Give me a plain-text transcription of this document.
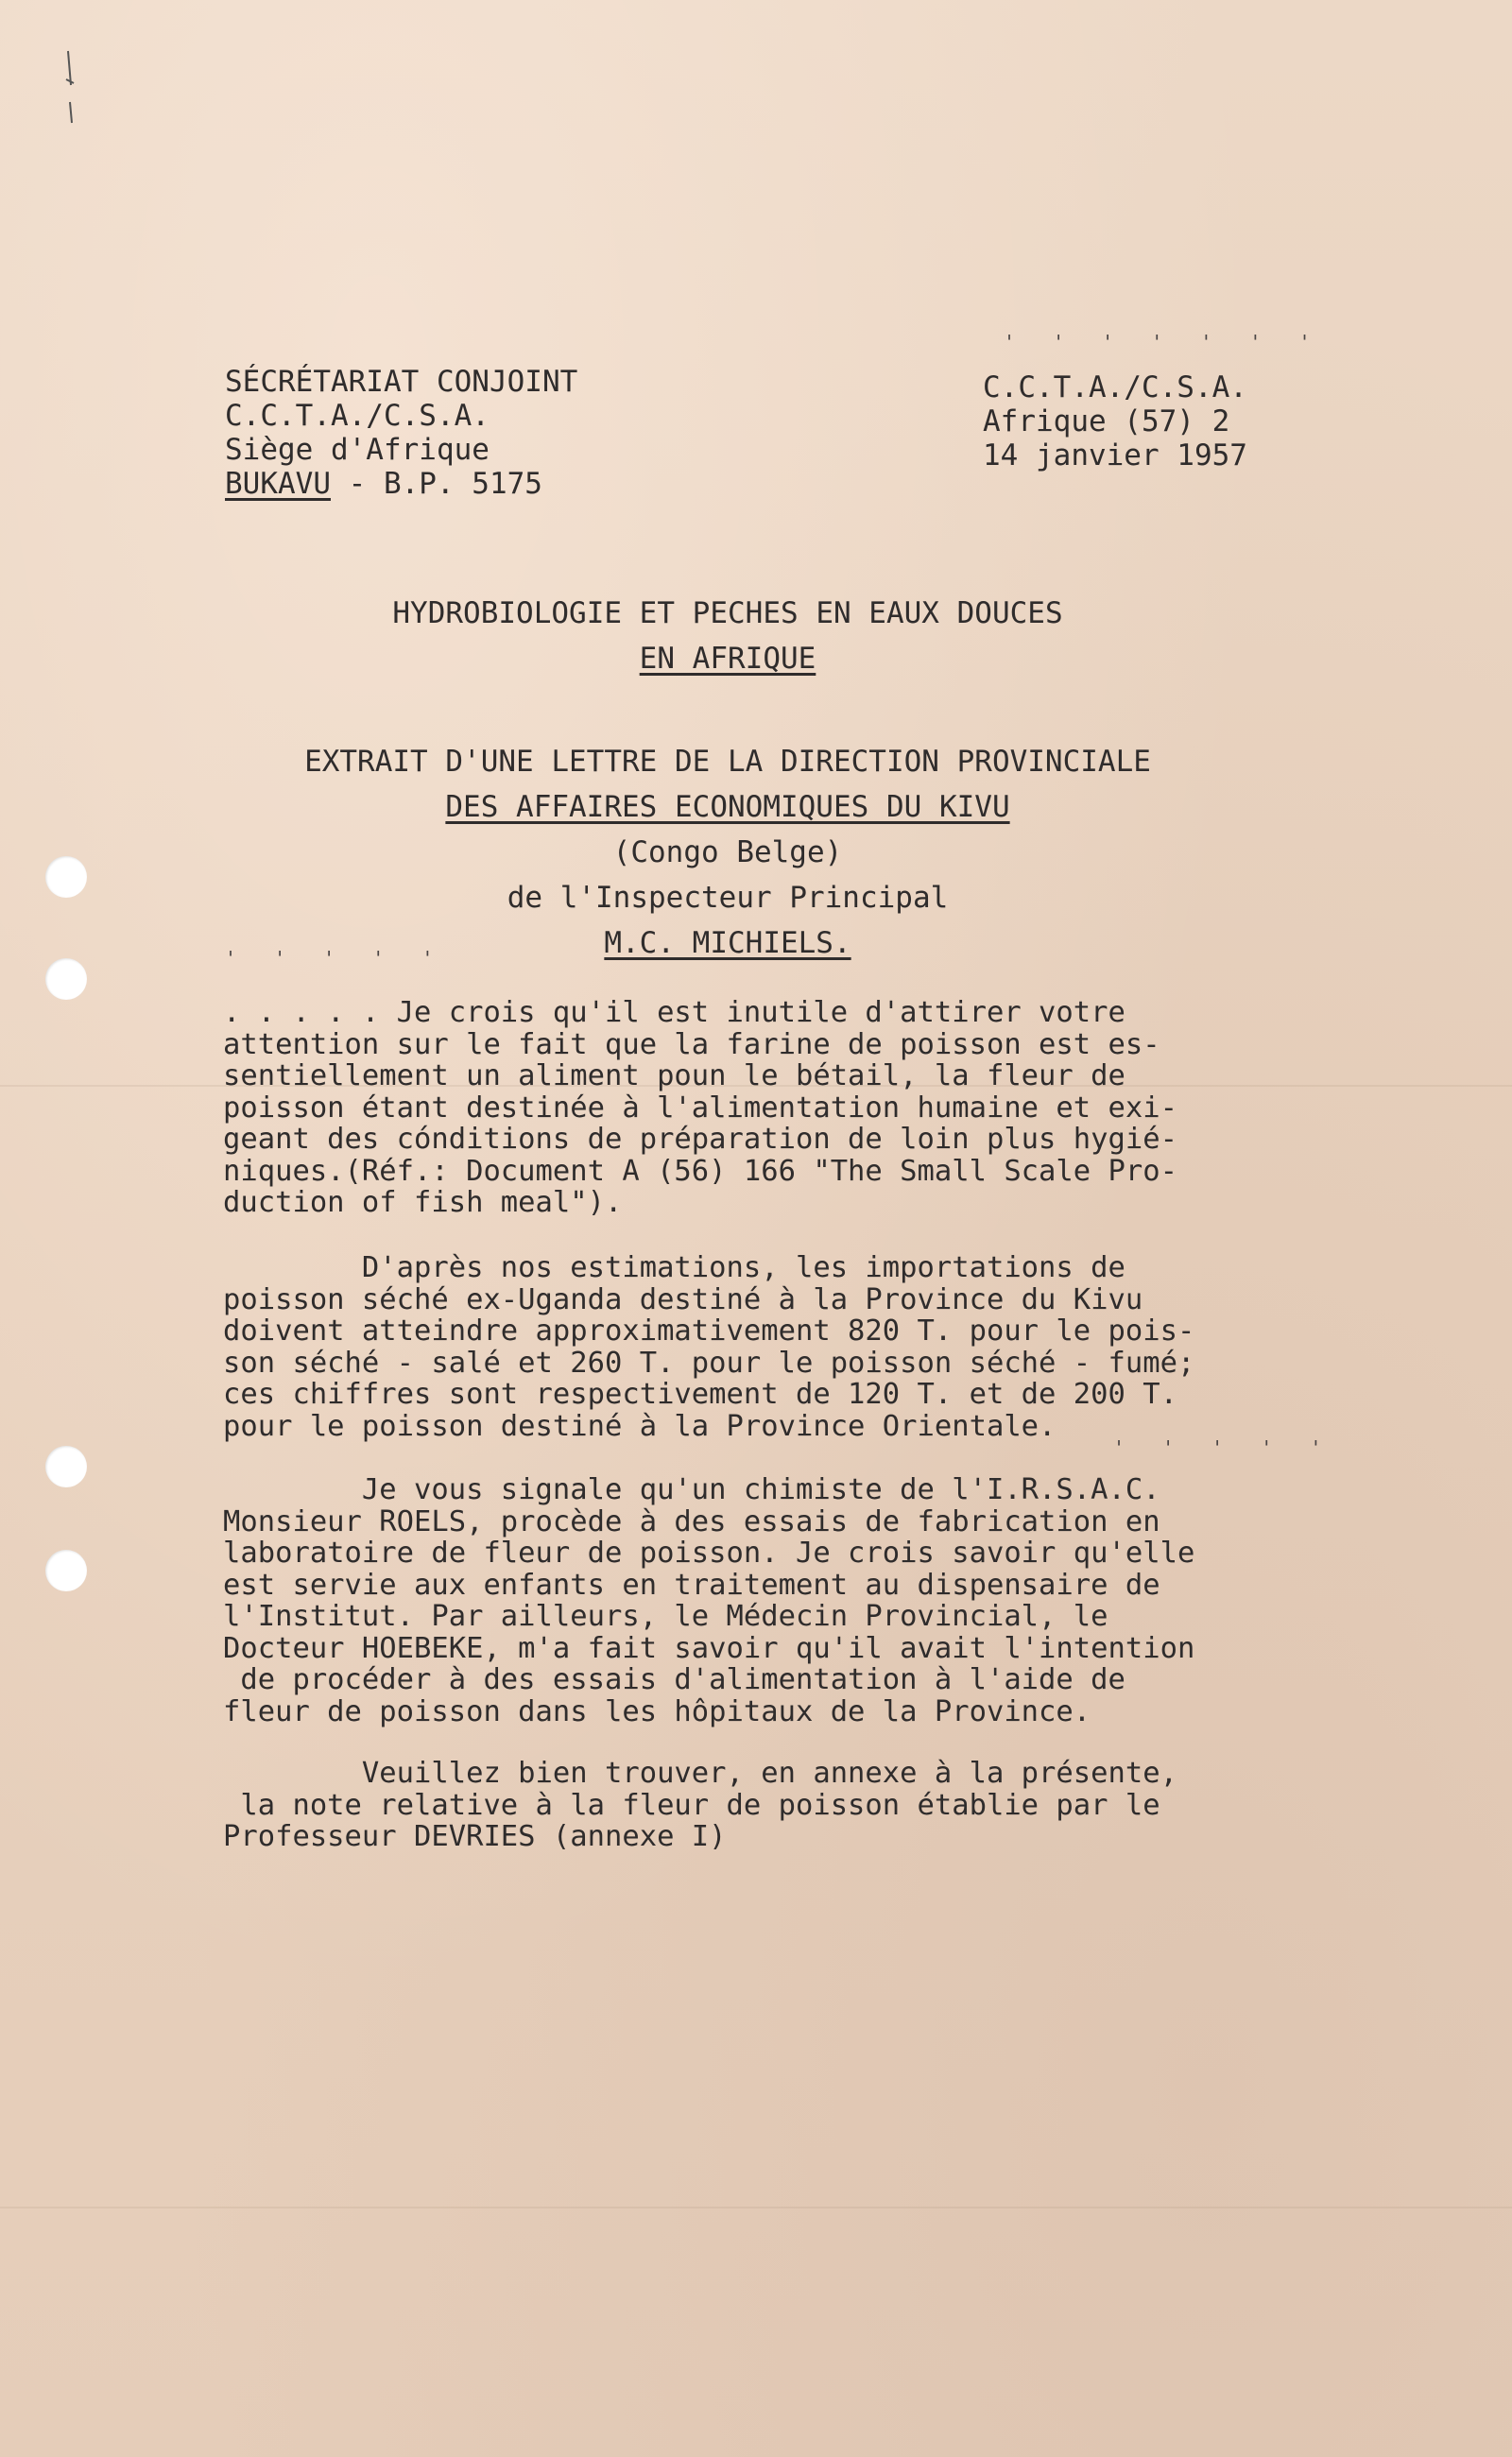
' ' ' ' ' ' '
SÉCRÉTARIAT CONJOINT
C.C.T.A./C.S.A.
Siège d'Afrique
BUKAVU - B.P. 5175
C.C.T.A./C.S.A.
Afrique (57) 2
14 janvier 1957
HYDROBIOLOGIE ET PECHES EN EAUX DOUCES
EN AFRIQUE
EXTRAIT D'UNE LETTRE DE LA DIRECTION PROVINCIALE
DES AFFAIRES ECONOMIQUES DU KIVU
(Congo Belge)
de l'Inspecteur Principal
M.C. MICHIELS.
' ' ' ' '
. . . . . Je crois qu'il est inutile d'attirer votre
attention sur le fait que la farine de poisson est es-
sentiellement un aliment poun le bétail, la fleur de
poisson étant destinée à l'alimentation humaine et exi-
geant des cónditions de préparation de loin plus hygié-
niques.(Réf.: Document A (56) 166 "The Small Scale Pro-
duction of fish meal").
D'après nos estimations, les importations de
poisson séché ex-Uganda destiné à la Province du Kivu
doivent atteindre approximativement 820 T. pour le pois-
son séché - salé et 260 T. pour le poisson séché - fumé;
ces chiffres sont respectivement de 120 T. et de 200 T.
pour le poisson destiné à la Province Orientale.
' ' ' ' '
Je vous signale qu'un chimiste de l'I.R.S.A.C.
Monsieur ROELS, procède à des essais de fabrication en
laboratoire de fleur de poisson. Je crois savoir qu'elle
est servie aux enfants en traitement au dispensaire de
l'Institut. Par ailleurs, le Médecin Provincial, le
Docteur HOEBEKE, m'a fait savoir qu'il avait l'intention
de procéder à des essais d'alimentation à l'aide de
fleur de poisson dans les hôpitaux de la Province.
Veuillez bien trouver, en annexe à la présente,
la note relative à la fleur de poisson établie par le
Professeur DEVRIES (annexe I)
